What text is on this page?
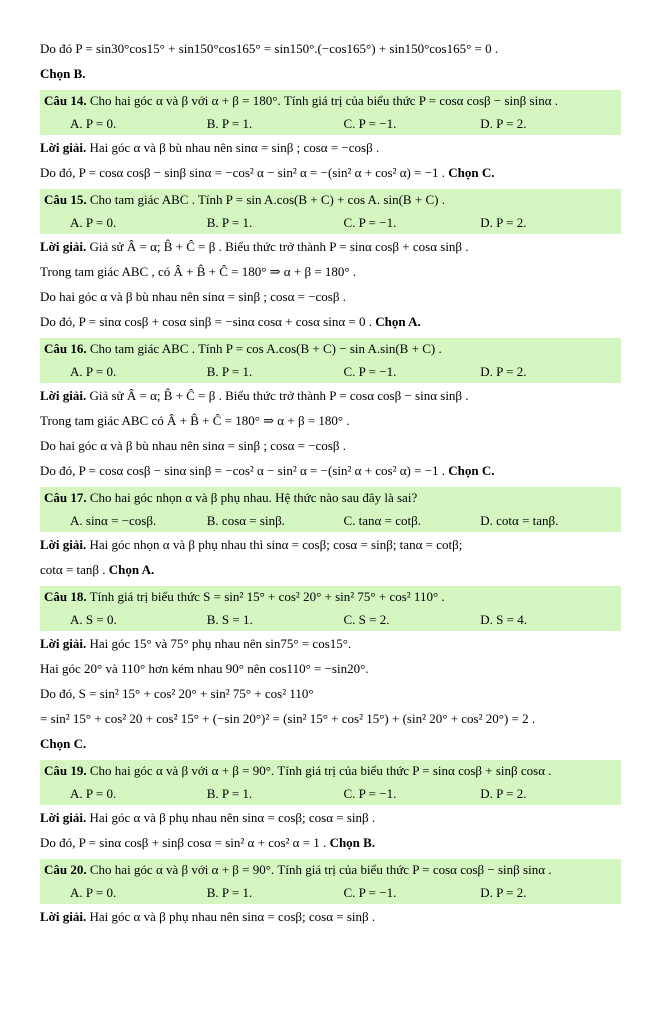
Do đó P = sin30°cos15° + sin150°cos165° = sin150°.(−cos165°) + sin150°cos165° = 0 .
Chọn B.
Câu 14. Cho hai góc α và β với α + β = 180°. Tính giá trị của biểu thức P = cosα cosβ − sinβ sinα .
A. P = 0.	B. P = 1.	C. P = −1.	D. P = 2.
Lời giải. Hai góc α và β bù nhau nên sinα = sinβ ; cosα = −cosβ .
Do đó, P = cosα cosβ − sinβ sinα = −cos² α − sin² α = −(sin² α + cos² α) = −1 . Chọn C.
Câu 15. Cho tam giác ABC . Tính P = sin A.cos(B + C) + cos A. sin(B + C) .
A. P = 0.	B. P = 1.	C. P = −1.	D. P = 2.
Lời giải. Giả sử Â = α; B̂ + Ĉ = β . Biểu thức trở thành P = sinα cosβ + cosα sinβ .
Trong tam giác ABC , có Â + B̂ + Ĉ = 180° ⇒ α + β = 180° .
Do hai góc α và β bù nhau nên sinα = sinβ ; cosα = −cosβ .
Do đó, P = sinα cosβ + cosα sinβ = −sinα cosα + cosα sinα = 0 . Chọn A.
Câu 16. Cho tam giác ABC . Tính P = cos A.cos(B + C) − sin A.sin(B + C) .
A. P = 0.	B. P = 1.	C. P = −1.	D. P = 2.
Lời giải. Giả sử Â = α; B̂ + Ĉ = β . Biểu thức trở thành P = cosα cosβ − sinα sinβ .
Trong tam giác ABC có Â + B̂ + Ĉ = 180° ⇒ α + β = 180° .
Do hai góc α và β bù nhau nên sinα = sinβ ; cosα = −cosβ .
Do đó, P = cosα cosβ − sinα sinβ = −cos² α − sin² α = −(sin² α + cos² α) = −1 . Chọn C.
Câu 17. Cho hai góc nhọn α và β phụ nhau. Hệ thức nào sau đây là sai?
A. sinα = −cosβ.	B. cosα = sinβ.	C. tanα = cotβ.	D. cotα = tanβ.
Lời giải. Hai góc nhọn α và β phụ nhau thì sinα = cosβ; cosα = sinβ; tanα = cotβ;
cotα = tanβ . Chọn A.
Câu 18. Tính giá trị biểu thức S = sin² 15° + cos² 20° + sin² 75° + cos² 110° .
A. S = 0.	B. S = 1.	C. S = 2.	D. S = 4.
Lời giải. Hai góc 15° và 75° phụ nhau nên sin75° = cos15°.
Hai góc 20° và 110° hơn kém nhau 90° nên cos110° = −sin20°.
Do đó, S = sin² 15° + cos² 20° + sin² 75° + cos² 110°
= sin² 15° + cos² 20 + cos² 15° + (−sin 20°)² = (sin² 15° + cos² 15°) + (sin² 20° + cos² 20°) = 2 .
Chọn C.
Câu 19. Cho hai góc α và β với α + β = 90°. Tính giá trị của biểu thức P = sinα cosβ + sinβ cosα .
A. P = 0.	B. P = 1.	C. P = −1.	D. P = 2.
Lời giải. Hai góc α và β phụ nhau nên sinα = cosβ; cosα = sinβ .
Do đó, P = sinα cosβ + sinβ cosα = sin² α + cos² α = 1 . Chọn B.
Câu 20. Cho hai góc α và β với α + β = 90°. Tính giá trị của biểu thức P = cosα cosβ − sinβ sinα .
A. P = 0.	B. P = 1.	C. P = −1.	D. P = 2.
Lời giải. Hai góc α và β phụ nhau nên sinα = cosβ; cosα = sinβ .
